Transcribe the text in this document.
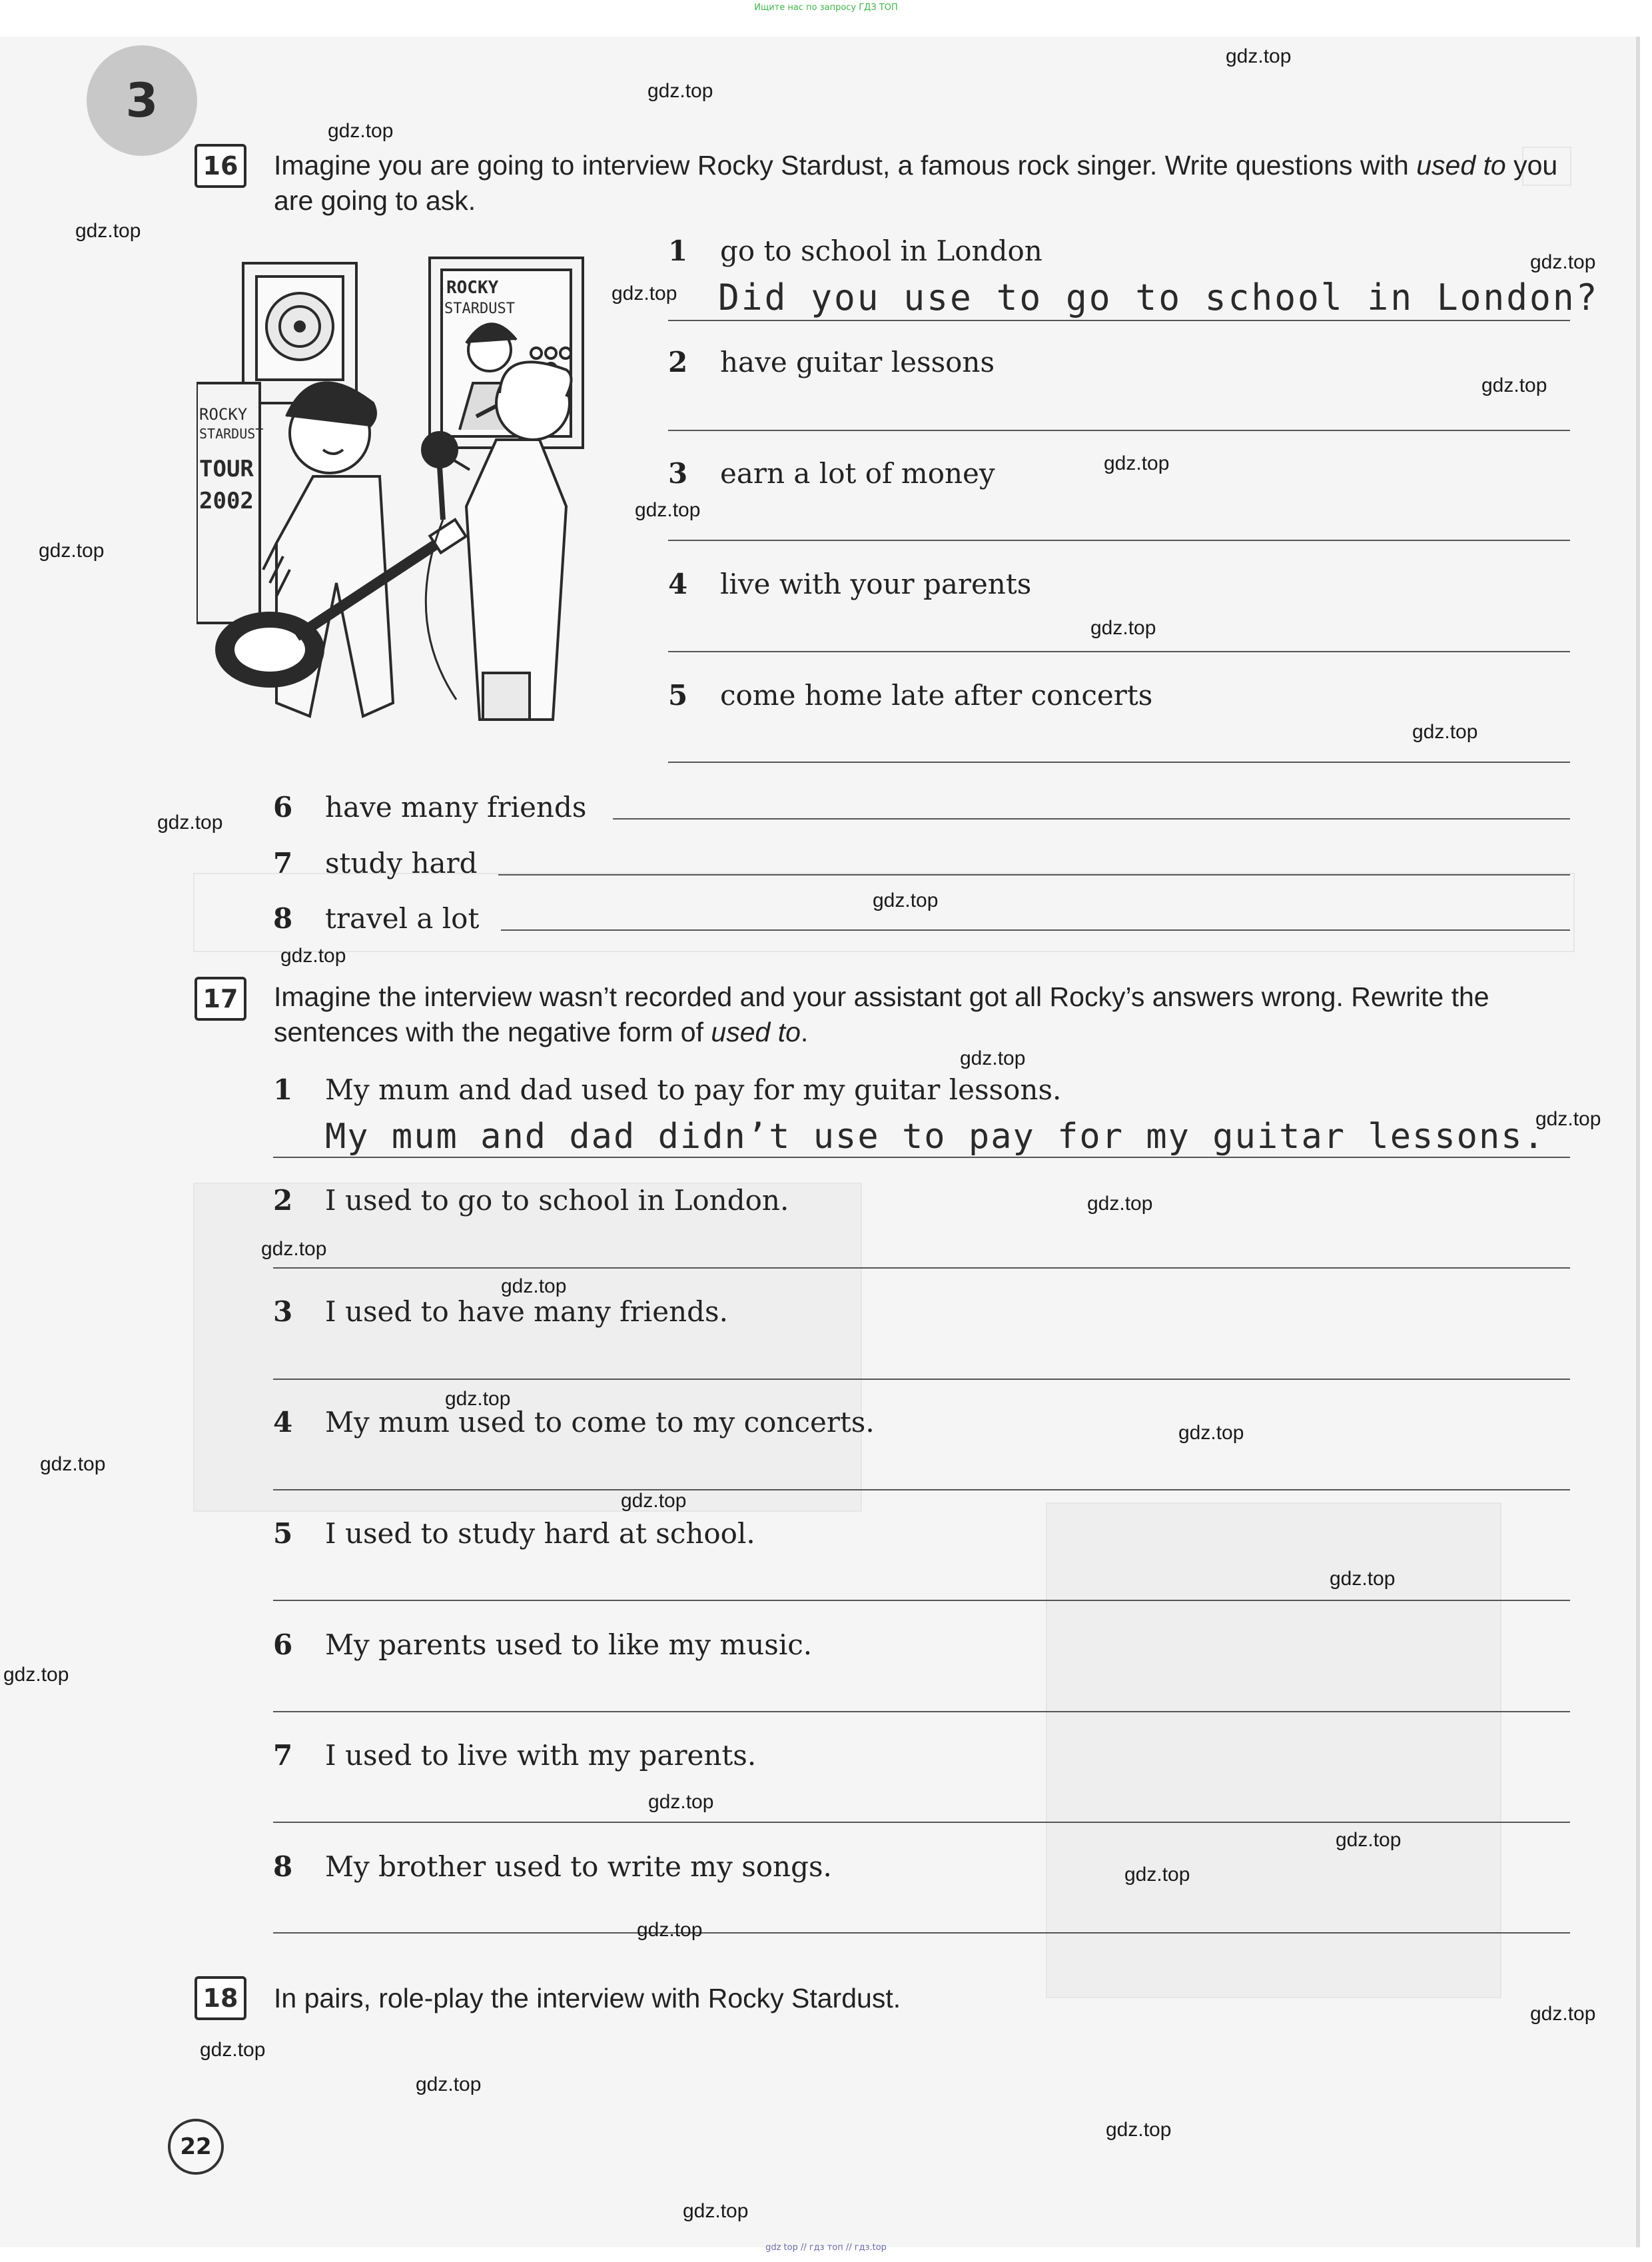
Ищите нас по запросу ГДЗ ТОП
3
16	Imagine you are going to interview Rocky Stardust, a famous rock singer. Write questions with used to you are going to ask.
ROCKY
STARDUST
ROCKY
STARDUST
TOUR
2002
1 go to school in London
Did you use to go to school in London?
2 have guitar lessons
3 earn a lot of money
4 live with your parents
5 come home late after concerts
6 have many friends
7 study hard
8 travel a lot
17	Imagine the interview wasn’t recorded and your assistant got all Rocky’s answers wrong. Rewrite the sentences with the negative form of used to.
1 My mum and dad used to pay for my guitar lessons.
My mum and dad didn’t use to pay for my guitar lessons.
2 I used to go to school in London.
3 I used to have many friends.
4 My mum used to come to my concerts.
5 I used to study hard at school.
6 My parents used to like my music.
7 I used to live with my parents.
8 My brother used to write my songs.
18	In pairs, role-play the interview with Rocky Stardust.
22
gdz.top
gdz.top
gdz.top
gdz.top
gdz.top
gdz.top
gdz.top
gdz.top
gdz.top
gdz.top
gdz.top
gdz.top
gdz.top
gdz.top
gdz.top
gdz.top
gdz.top
gdz.top
gdz.top
gdz.top
gdz.top
gdz.top
gdz.top
gdz.top
gdz.top
gdz.top
gdz.top
gdz.top
gdz.top
gdz.top
gdz.top
gdz.top
gdz.top
gdz.top
gdz.top
gdz top // гдз топ // гдз.top
